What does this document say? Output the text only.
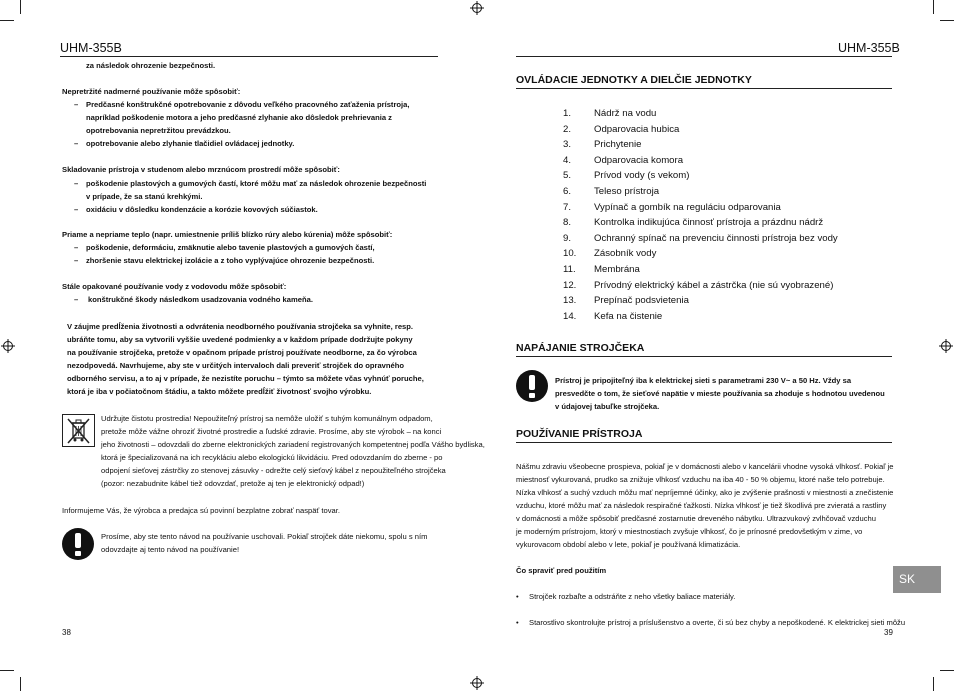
UHM-355B
za následok ohrozenie bezpečnosti.
Nepretržité nadmerné používanie môže spôsobiť:
– Predčasné konštrukčné opotrebovanie z dôvodu veľkého pracovného zaťaženia prístroja,
napríklad poškodenie motora a jeho predčasné zlyhanie ako dôsledok prehrievania z
opotrebovania nepretržitou prevádzkou.
– opotrebovanie alebo zlyhanie tlačidiel ovládacej jednotky.
Skladovanie prístroja v studenom alebo mrznúcom prostredí môže spôsobiť:
– poškodenie plastových a gumových častí, ktoré môžu mať za následok ohrozenie bezpečnosti
v prípade, že sa stanú krehkými.
– oxidáciu v dôsledku kondenzácie a korózie kovových súčiastok.
Priame a nepriame teplo (napr. umiestnenie príliš blízko rúry alebo kúrenia) môže spôsobiť:
– poškodenie, deformáciu, zmäknutie alebo tavenie plastových a gumových častí,
– zhoršenie stavu elektrickej izolácie a z toho vyplývajúce ohrozenie bezpečnosti.
Stále opakované používanie vody z vodovodu môže spôsobiť:
– konštrukčné škody následkom usadzovania vodného kameňa.
V záujme predĺženia životnosti a odvrátenia neodborného používania strojčeka sa vyhnite, resp.
ubráňte tomu, aby sa vytvorili vyššie uvedené podmienky a v každom prípade dodržujte pokyny
na používanie strojčeka, pretože v opačnom prípade prístroj používate neodborne, za čo výrobca
nezodpovedá. Navrhujeme, aby ste v určitých intervaloch dali preveriť strojček do opravného
odborného servisu, a to aj v prípade, že nezistíte poruchu – týmto sa môžete včas vyhnúť poruche,
ktorá je iba v počiatočnom štádiu, a takto môžete predĺžiť životnosť svojho výrobku.
Udržujte čistotu prostredia! Nepoužiteľný prístroj sa nemôže uložiť s tuhým komunálnym odpadom,
pretože môže vážne ohroziť životné prostredie a ľudské zdravie. Prosíme, aby ste výrobok – na konci
jeho životnosti – odovzdali do zberne elektronických zariadení registrovaných kompetentnej podľa Vášho bydliska,
ktorá je špecializovaná na ich recykláciu alebo ekologickú likvidáciu. Pred odovzdaním do zberne - po
odpojení sieťovej zástrčky zo stenovej zásuvky - odrežte celý sieťový kábel z nepoužiteľného strojčeka
(pozor: nezabudnite kábel tiež odovzdať, pretože aj ten je elektronický odpad!)
Informujeme Vás, že výrobca a predajca sú povinní bezplatne zobrať naspäť tovar.
Prosíme, aby ste tento návod na používanie uschovali. Pokiaľ strojček dáte niekomu, spolu s ním
odovzdajte aj tento návod na používanie!
38
UHM-355B
OVLÁDACIE JEDNOTKY A DIELČIE JEDNOTKY
1. Nádrž na vodu
2. Odparovacia hubica
3. Prichytenie
4. Odparovacia komora
5. Prívod vody (s vekom)
6. Teleso prístroja
7. Vypínač a gombík na reguláciu odparovania
8. Kontrolka indikujúca činnosť prístroja a prázdnu nádrž
9. Ochranný spínač na prevenciu činnosti prístroja bez vody
10. Zásobník vody
11. Membrána
12. Prívodný elektrický kábel a zástrčka (nie sú vyobrazené)
13. Prepínač podsvietenia
14. Kefa na čistenie
NAPÁJANIE STROJČEKA
POUŽÍVANIE PRÍSTROJA
Prístroj je pripojiteľný iba k elektrickej sieti s parametrami 230 V~ a 50 Hz. Vždy sa
presvedčte o tom, že sieťové napätie v mieste používania sa zhoduje s hodnotou uvedenou
v údajovej tabuľke strojčeka.
Nášmu zdraviu všeobecne prospieva, pokiaľ je v domácnosti alebo v kancelárii vhodne vysoká vlhkosť. Pokiaľ je
miestnosť vykurovaná, prudko sa znižuje vlhkosť vzduchu na iba 40 - 50 % objemu, ktoré naše telo potrebuje.
Nízka vlhkosť a suchý vzduch môžu mať nepríjemné účinky, ako je zvýšenie prašnosti v miestnosti a znečistenie
vzduchu, ktoré môžu mať za následok respiračné ťažkosti. Nízka vlhkosť je tiež škodlivá pre zvieratá a rastliny
v domácnosti a môže spôsobiť predčasné zostarnutie dreveného nábytku. Ultrazvukový zvlhčovač vzduchu
je moderným prístrojom, ktorý v miestnostiach zvyšuje vlhkosť, čo je prínosné predovšetkým v zime, vo
vykurovacom období alebo v lete, pokiaľ je používaná klimatizácia.
Čo spraviť pred použitím
• Strojček rozbaľte a odstráňte z neho všetky baliace materiály.
• Starostlivo skontrolujte prístroj a príslušenstvo a overte, či sú bez chyby a nepoškodené. K elektrickej sieti môžu
SK
39
